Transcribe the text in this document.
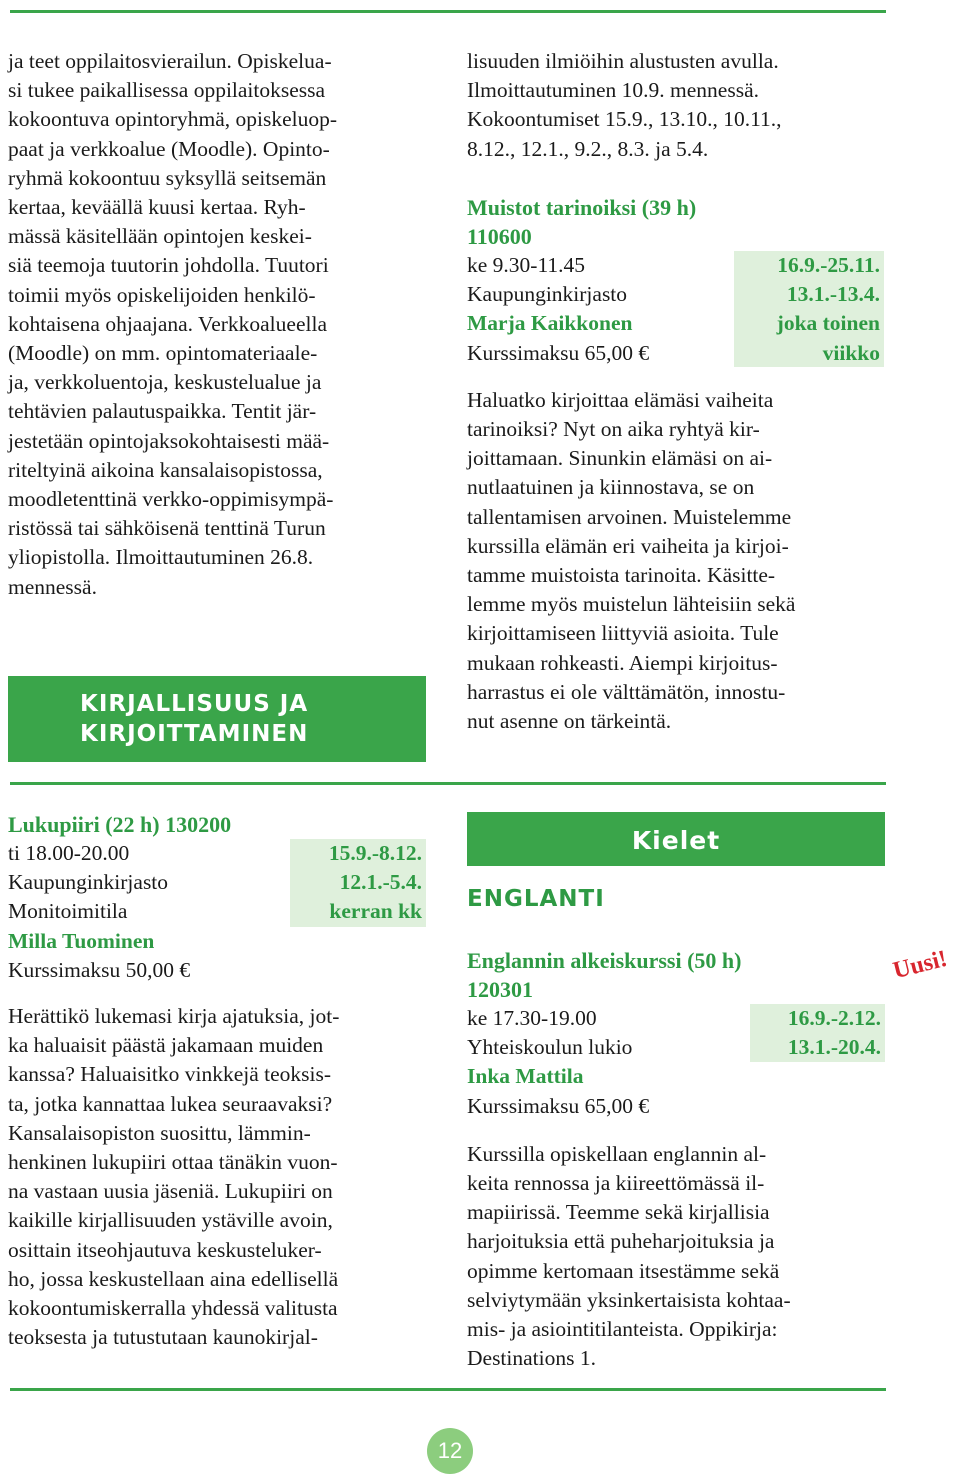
ja teet oppilaitosvierailun. Opiskelua-

si tukee paikallisessa oppilaitoksessa

kokoontuva opintoryhmä, opiskeluop-

paat ja verkkoalue (Moodle). Opinto-

ryhmä kokoontuu syksyllä seitsemän

kertaa, keväällä kuusi kertaa. Ryh-

mässä käsitellään opintojen keskei-

siä teemoja tuutorin johdolla. Tuutori

toimii myös opiskelijoiden henkilö-

kohtaisena ohjaajana. Verkkoalueella

(Moodle) on mm. opintomateriaale-

ja, verkkoluentoja, keskustelualue ja

tehtävien palautuspaikka. Tentit jär-

jestetään opintojaksokohtaisesti mää-

riteltyinä aikoina kansalaisopistossa,

moodletenttinä verkko-oppimisympä-

ristössä tai sähköisenä tenttinä Turun

yliopistolla. Ilmoittautuminen 26.8.

mennessä.

KIRJALLISUUS JA
KIRJOITTAMINEN

lisuuden ilmiöihin alustusten avulla.

Ilmoittautuminen 10.9. mennessä.

Kokoontumiset 15.9., 13.10., 10.11.,

8.12., 12.1., 9.2., 8.3. ja 5.4.

Muistot tarinoiksi (39 h)
110600
16.9.-25.11.
13.1.-13.4.
joka toinen
viikko
ke 9.30-11.45
Kaupunginkirjasto
Marja Kaikkonen
Kurssimaksu 65,00 €

Haluatko kirjoittaa elämäsi vaiheita

tarinoiksi? Nyt on aika ryhtyä kir-

joittamaan. Sinunkin elämäsi on ai-

nutlaatuinen ja kiinnostava, se on

tallentamisen arvoinen. Muistelemme

kurssilla elämän eri vaiheita ja kirjoi-

tamme muistoista tarinoita. Käsitte-

lemme myös muistelun lähteisiin sekä

kirjoittamiseen liittyviä asioita. Tule

mukaan rohkeasti. Aiempi kirjoitus-

harrastus ei ole välttämätön, innostu-

nut asenne on tärkeintä.

Lukupiiri (22 h) 130200
15.9.-8.12.
12.1.-5.4.
kerran kk
ti 18.00-20.00
Kaupunginkirjasto
Monitoimitila
Milla Tuominen
Kurssimaksu 50,00 €

Herättikö lukemasi kirja ajatuksia, jot-

ka haluaisit päästä jakamaan muiden

kanssa? Haluaisitko vinkkejä teoksis-

ta, jotka kannattaa lukea seuraavaksi?

Kansalaisopiston suosittu, lämmin-

henkinen lukupiiri ottaa tänäkin vuon-

na vastaan uusia jäseniä. Lukupiiri on

kaikille kirjallisuuden ystäville avoin,

osittain itseohjautuva keskusteluker-

ho, jossa keskustellaan aina edellisellä

kokoontumiskerralla yhdessä valitusta

teoksesta ja tutustutaan kaunokirjal-

Kielet
ENGLANTI
Uusi!
Englannin alkeiskurssi (50 h)
120301
16.9.-2.12.
13.1.-20.4.
ke 17.30-19.00
Yhteiskoulun lukio
Inka Mattila
Kurssimaksu 65,00 €

Kurssilla opiskellaan englannin al-

keita rennossa ja kiireettömässä il-

mapiirissä. Teemme sekä kirjallisia

harjoituksia että puheharjoituksia ja

opimme kertomaan itsestämme sekä

selviytymään yksinkertaisista kohtaa-

mis- ja asiointitilanteista. Oppikirja:

Destinations 1.

12
